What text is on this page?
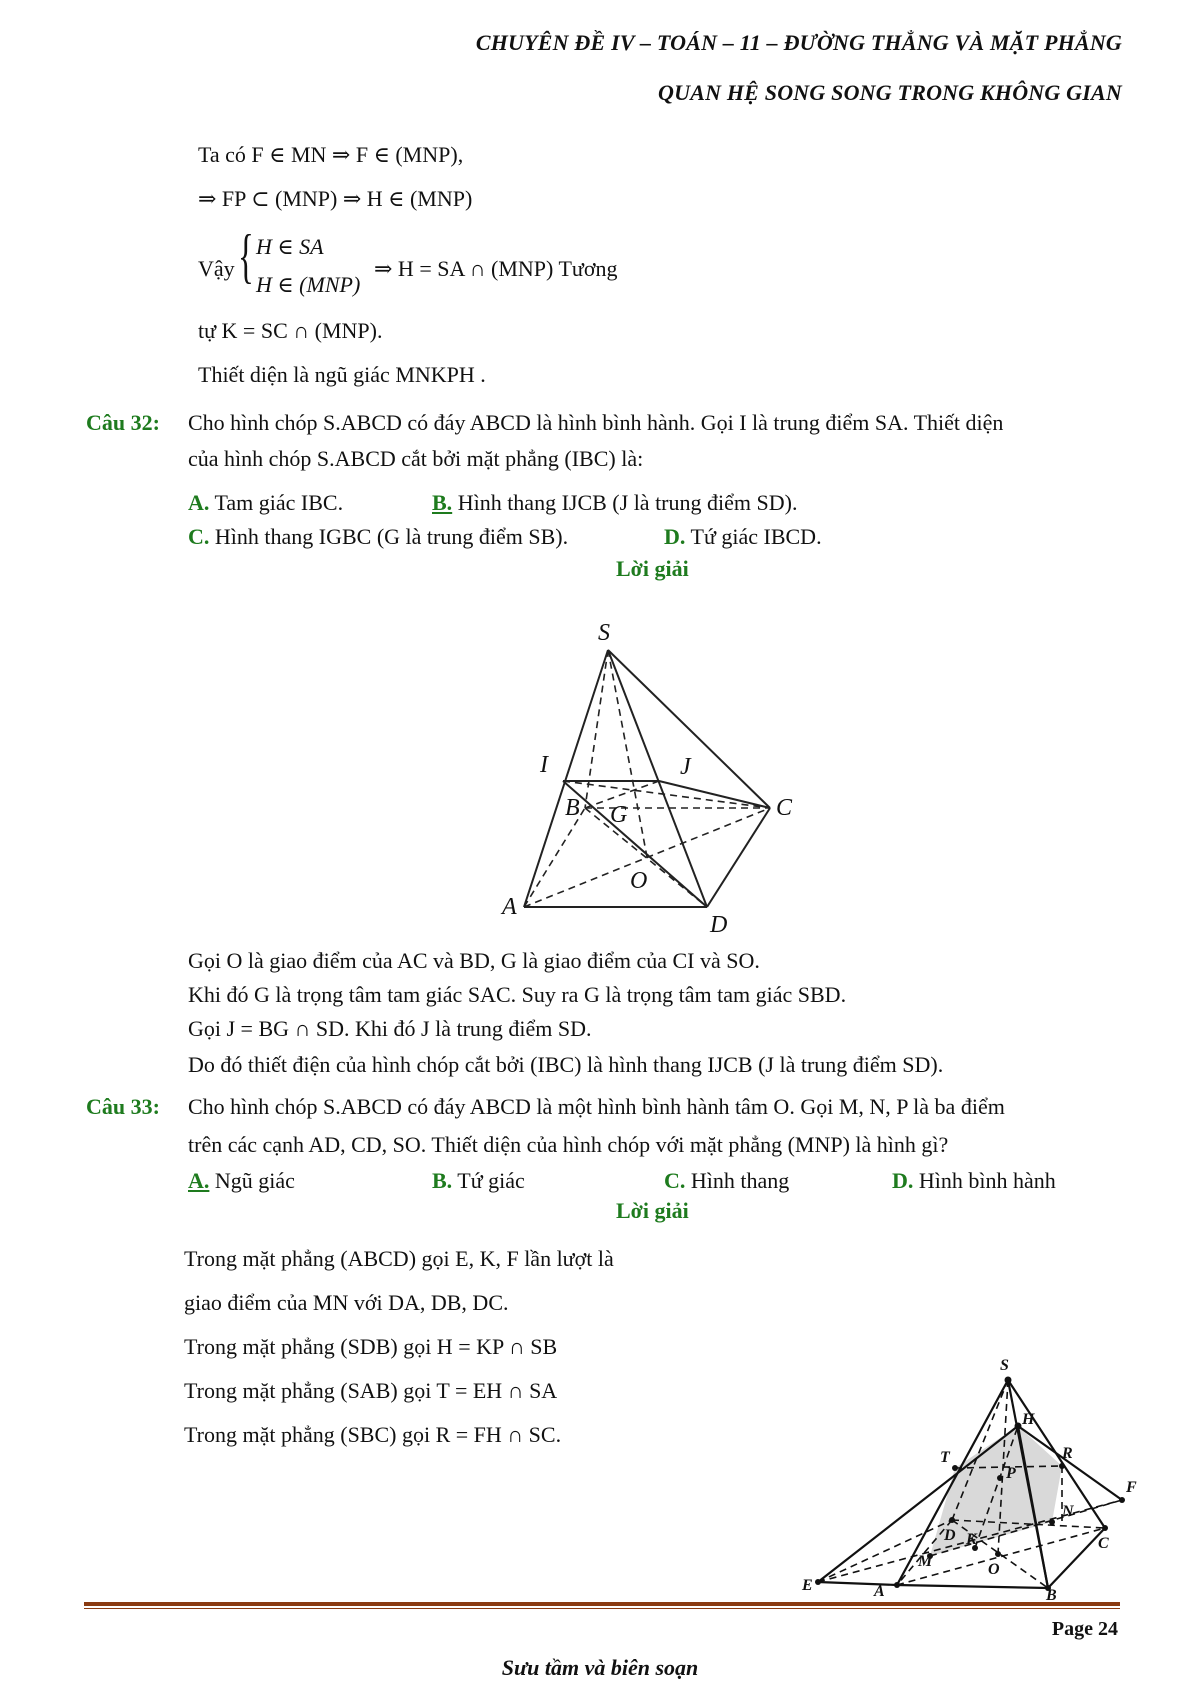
CHUYÊN ĐỀ IV – TOÁN – 11 – ĐƯỜNG THẲNG VÀ MẶT PHẲNG
QUAN HỆ SONG SONG TRONG KHÔNG GIAN
Ta có F ∈ MN ⇒ F ∈ (MNP),
⇒ FP ⊂ (MNP) ⇒ H ∈ (MNP)
Vậy { H ∈ SA
H ∈ (MNP)
⇒ H = SA ∩ (MNP) Tương
tự K = SC ∩ (MNP).
Thiết diện là ngũ giác MNKPH .
Câu 32: Cho hình chóp S.ABCD có đáy ABCD là hình bình hành. Gọi I là trung điểm SA. Thiết diện
của hình chóp S.ABCD cắt bởi mặt phẳng (IBC) là:
A. Tam giác IBC.	B. Hình thang IJCB (J là trung điểm SD).
C. Hình thang IGBC (G là trung điểm SB).	D. Tứ giác IBCD.
Lời giải
S
I	J
B G	C
O
A
D
Gọi O là giao điểm của AC và BD, G là giao điểm của CI và SO.
Khi đó G là trọng tâm tam giác SAC. Suy ra G là trọng tâm tam giác SBD.
Gọi J = BG ∩ SD. Khi đó J là trung điểm SD.
Do đó thiết điện của hình chóp cắt bởi (IBC) là hình thang IJCB (J là trung điểm SD).
Câu 33: Cho hình chóp S.ABCD có đáy ABCD là một hình bình hành tâm O. Gọi M, N, P là ba điểm
trên các cạnh AD, CD, SO. Thiết diện của hình chóp với mặt phẳng (MNP) là hình gì?
A. Ngũ giác	B. Tứ giác	C. Hình thang	D. Hình bình hành
Lời giải
Trong mặt phẳng (ABCD) gọi E, K, F lần lượt là
giao điểm của MN với DA, DB, DC.
Trong mặt phẳng (SDB) gọi H = KP ∩ SB
Trong mặt phẳng (SAB) gọi T = EH ∩ SA
Trong mặt phẳng (SBC) gọi R = FH ∩ SC.
S
H
R
T
P
F
N
D	C
K
M	O
E	A	B
Page 24
Sưu tầm và biên soạn
